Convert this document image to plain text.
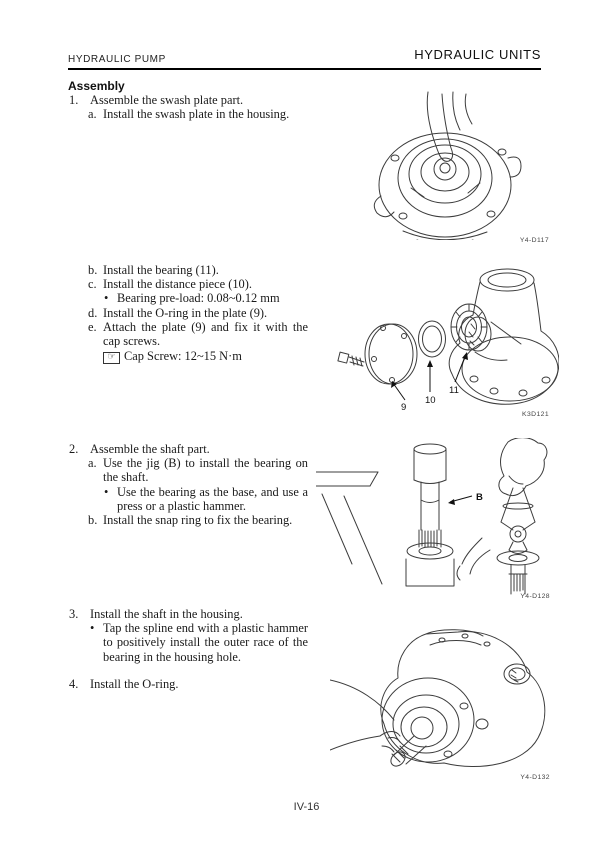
HYDRAULIC PUMP	HYDRAULIC UNITS
Assembly
1. Assemble the swash plate part.
a. Install the swash plate in the housing.
Y4-D117
b. Install the bearing (11).
c. Install the distance piece (10).
• Bearing pre-load: 0.08~0.12 mm
d. Install the O-ring in the plate (9).
e. Attach the plate (9) and fix it with the cap screws.
☞ Cap Screw: 12~15 N·m
9
10
11
K3D121
2. Assemble the shaft part.
a. Use the jig (B) to install the bearing on the shaft.
• Use the bearing as the base, and use a press or a plastic hammer.
b. Install the snap ring to fix the bearing.
B
Y4-D128
3. Install the shaft in the housing.
• Tap the spline end with a plastic hammer to positively install the outer race of the bearing in the housing hole.
4. Install the O-ring.
Y4-D132
IV-16
